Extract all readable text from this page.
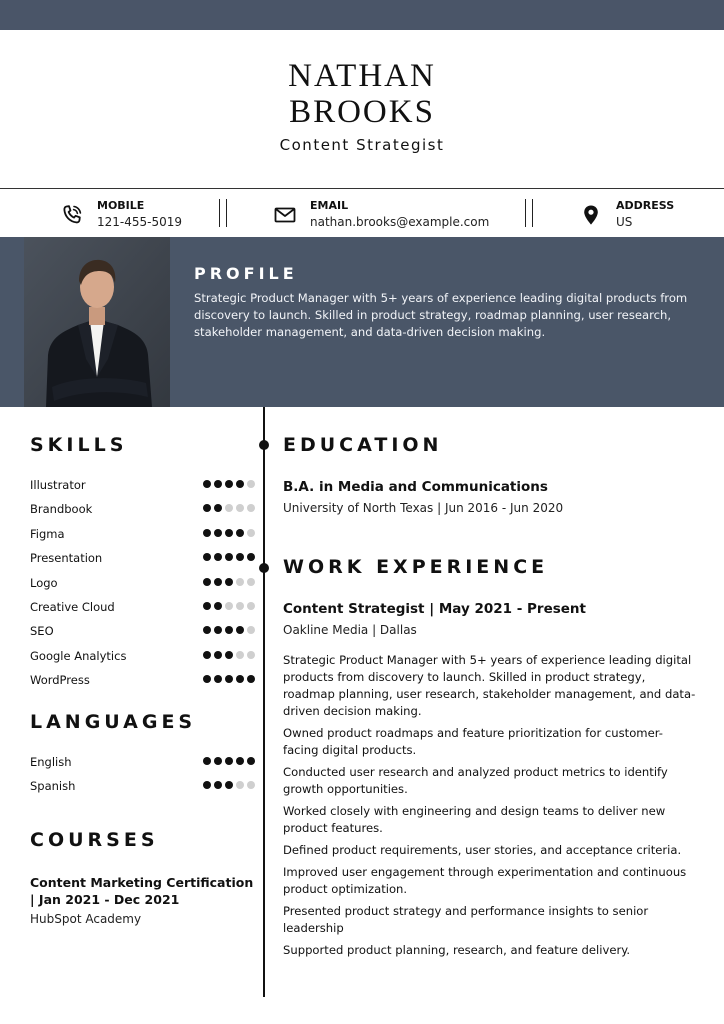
NATHAN
BROOKS
Content Strategist
MOBILE
121-455-5019
EMAIL
nathan.brooks@example.com
ADDRESS
US
PROFILE
Strategic Product Manager with 5+ years of experience leading digital products from discovery to launch. Skilled in product strategy, roadmap planning, user research, stakeholder management, and data-driven decision making.
SKILLS
Illustrator
Brandbook
Figma
Presentation
Logo
Creative Cloud
SEO
Google Analytics
WordPress
LANGUAGES
English
Spanish
COURSES
Content Marketing Certification | Jan 2021 - Dec 2021
HubSpot Academy
EDUCATION
B.A. in Media and Communications
University of North Texas | Jun 2016 - Jun 2020
WORK EXPERIENCE
Content Strategist | May 2021 - Present
Oakline Media | Dallas
Strategic Product Manager with 5+ years of experience leading digital products from discovery to launch. Skilled in product strategy, roadmap planning, user research, stakeholder management, and data-driven decision making.
Owned product roadmaps and feature prioritization for customer-facing digital products.
Conducted user research and analyzed product metrics to identify growth opportunities.
Worked closely with engineering and design teams to deliver new product features.
Defined product requirements, user stories, and acceptance criteria.
Improved user engagement through experimentation and continuous product optimization.
Presented product strategy and performance insights to senior leadership
Supported product planning, research, and feature delivery.
